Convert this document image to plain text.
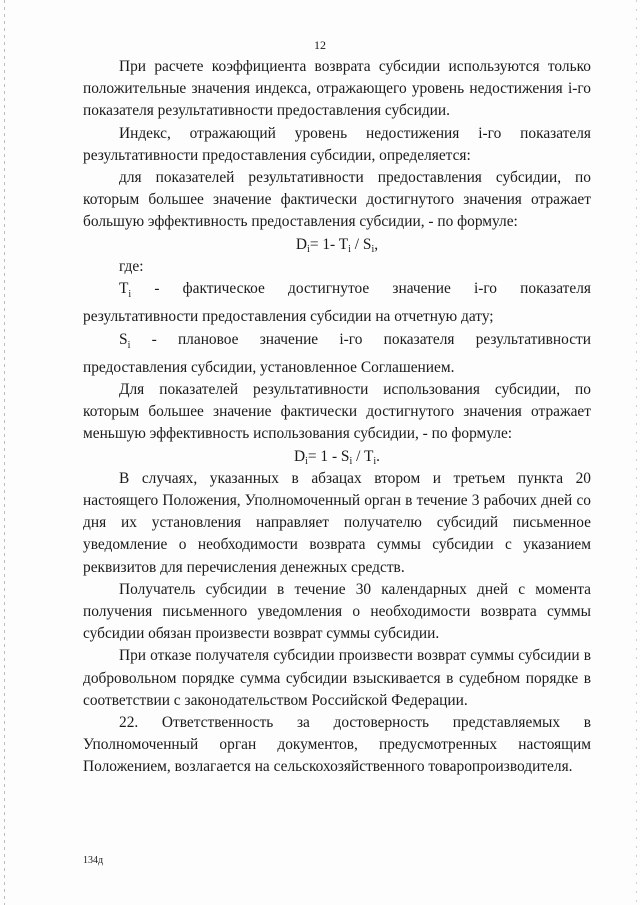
12

При расчете коэффициента возврата субсидии используются только положительные значения индекса, отражающего уровень недостижения i-го показателя результативности предоставления субсидии.

Индекс, отражающий уровень недостижения i-го показателя результативности предоставления субсидии, определяется:

для показателей результативности предоставления субсидии, по которым большее значение фактически достигнутого значения отражает большую эффективность предоставления субсидии, - по формуле:

$D_i= 1-$ $T_i / S_i$,

где:

$T_i$ - фактическое достигнутое значение i-го показателя результативности предоставления субсидии на отчетную дату;

$S_i$ - плановое значение i-го показателя результативности предоставления субсидии, установленное Соглашением.

Для показателей результативности использования субсидии, по которым большее значение фактически достигнутого значения отражает меньшую эффективность использования субсидии, - по формуле:

$D_i= 1 - S_i / T_i$.

В случаях, указанных в абзацах втором и третьем пункта 20 настоящего Положения, Уполномоченный орган в течение 3 рабочих дней со дня их установления направляет получателю субсидий письменное уведомление о необходимости возврата суммы субсидии с указанием реквизитов для перечисления денежных средств.

Получатель субсидии в течение 30 календарных дней с момента получения письменного уведомления о необходимости возврата суммы субсидии обязан произвести возврат суммы субсидии.

При отказе получателя субсидии произвести возврат суммы субсидии в добровольном порядке сумма субсидии взыскивается в судебном порядке в соответствии с законодательством Российской Федерации.

22. Ответственность за достоверность представляемых в Уполномоченный орган документов, предусмотренных настоящим Положением, возлагается на сельскохозяйственного товаропроизводителя.

134д
